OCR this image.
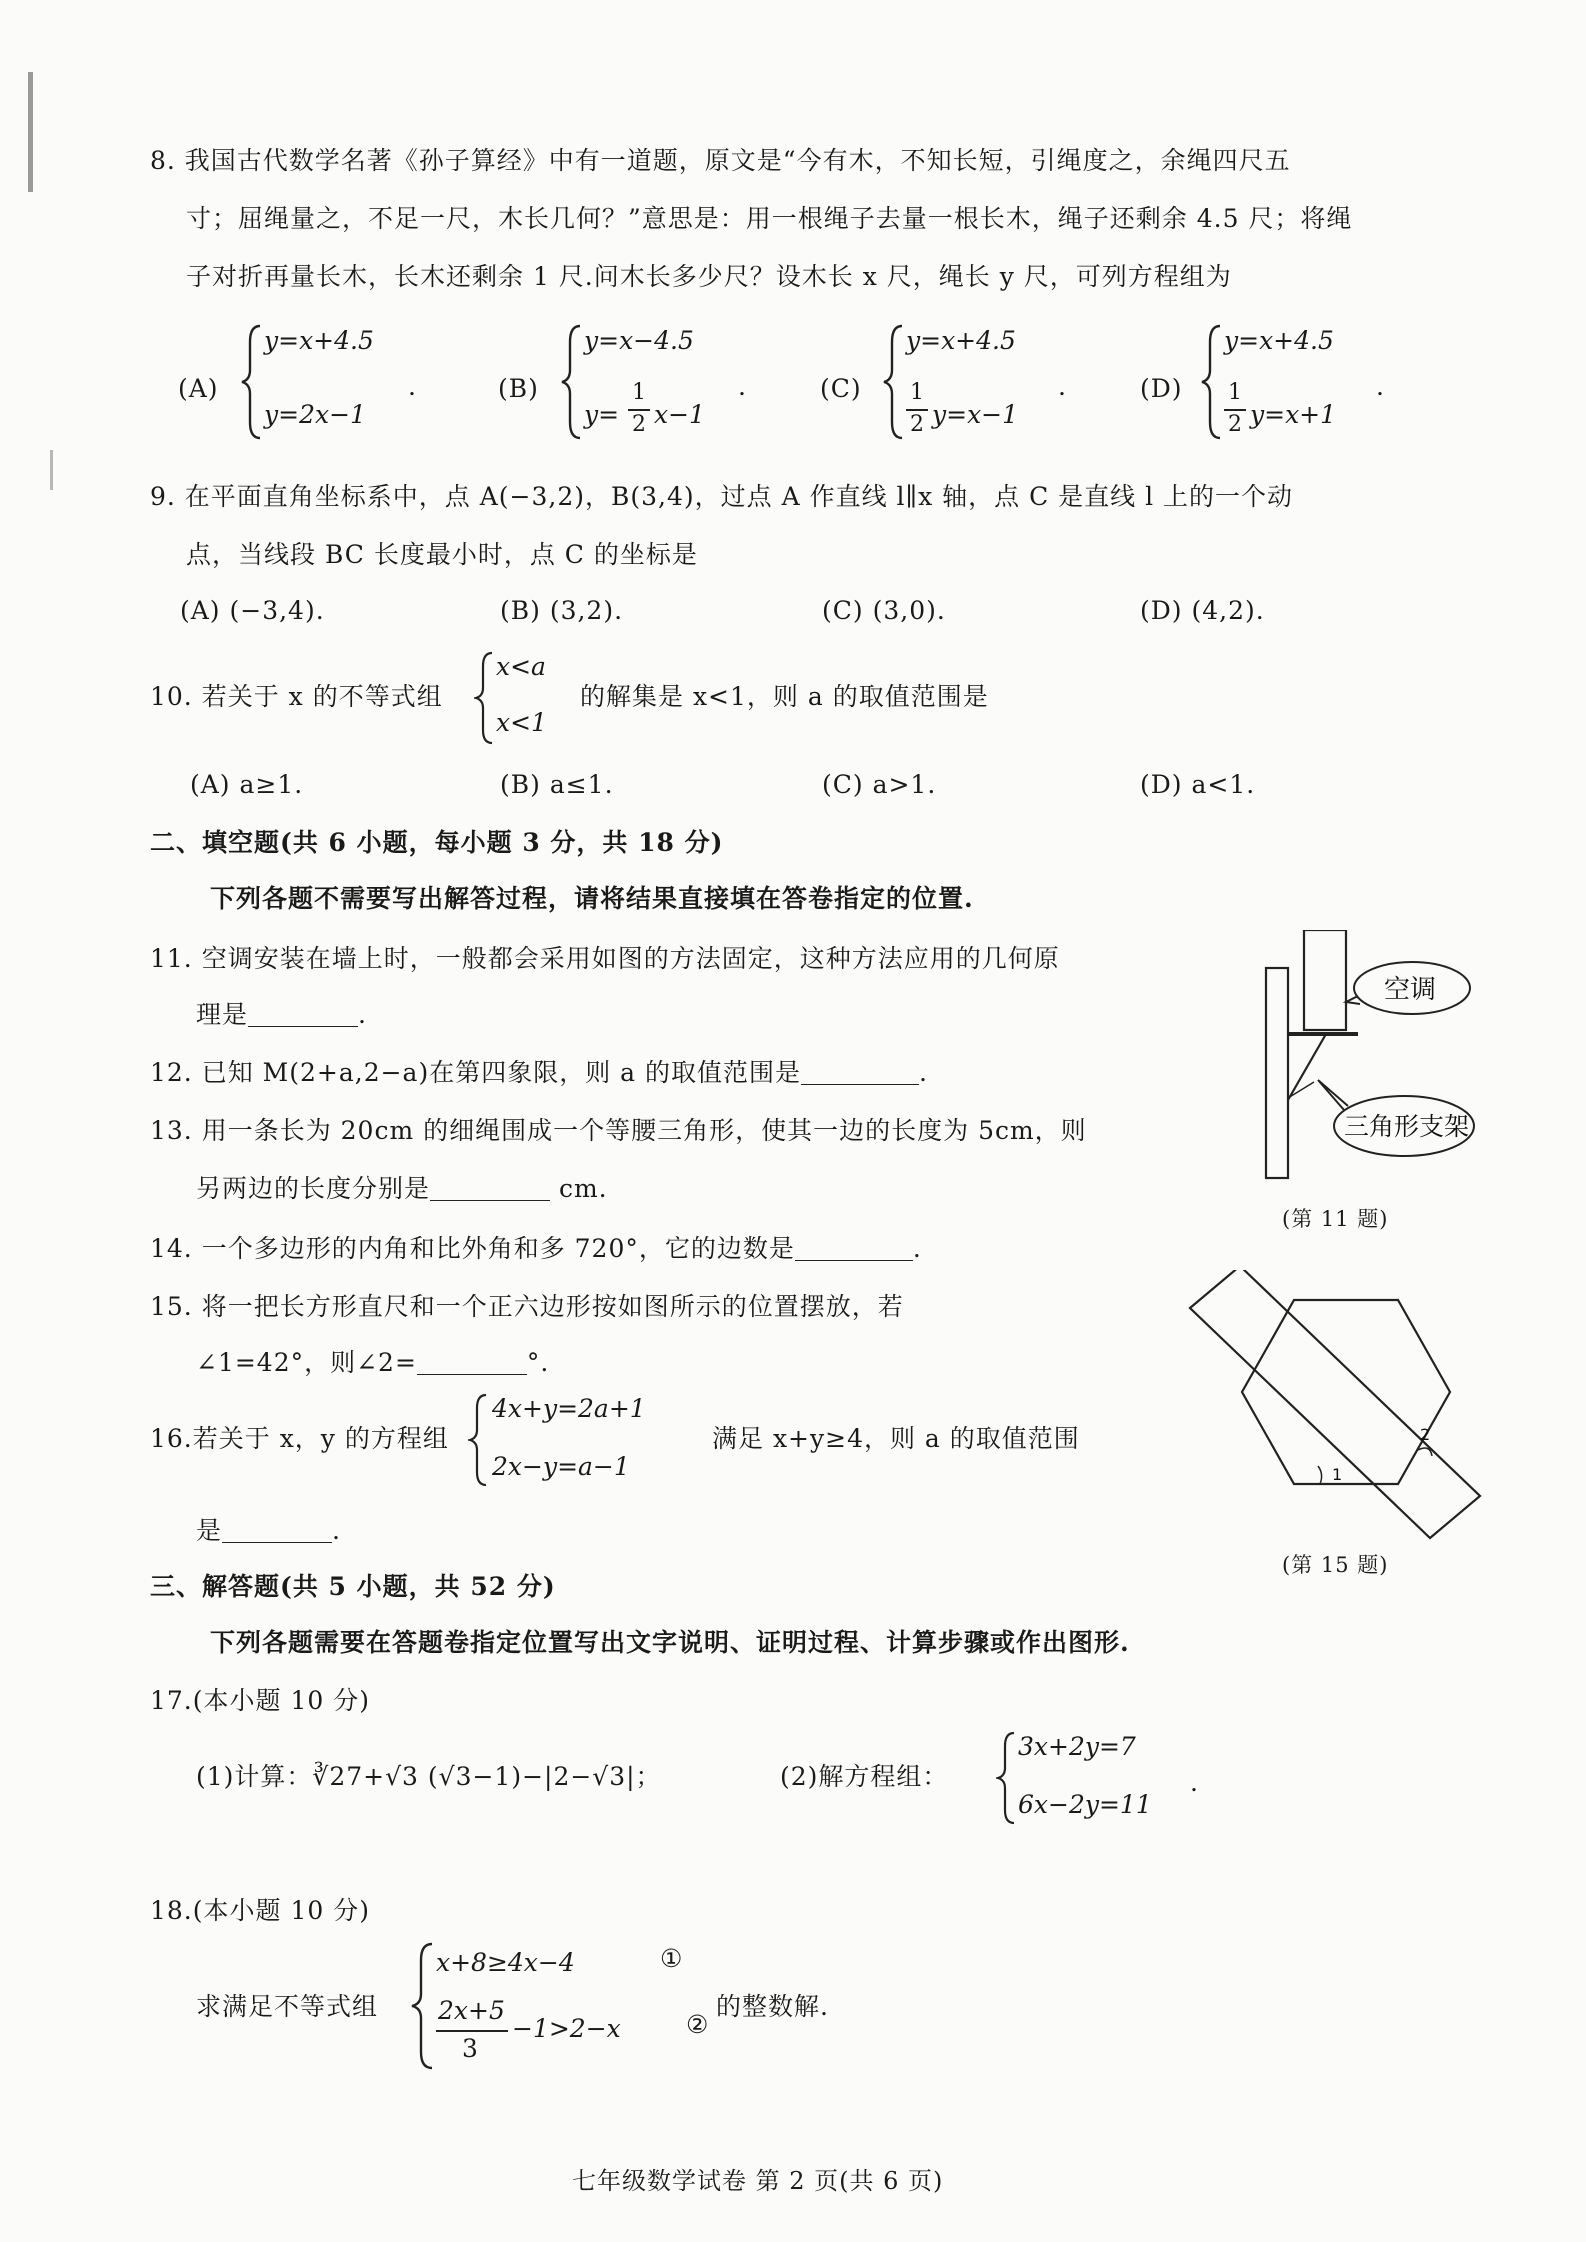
8. 我国古代数学名著《孙子算经》中有一道题，原文是“今有木，不知长短，引绳度之，余绳四尺五
寸；屈绳量之，不足一尺，木长几何？”意思是：用一根绳子去量一根长木，绳子还剩余 4.5 尺；将绳
子对折再量长木，长木还剩余 1 尺.问木长多少尺？设木长 x 尺，绳长 y 尺，可列方程组为
(A)
y=x+4.5
y=2x−1
.	(B)
y=x−4.5
y=
1
2 x−1
.	(C)
y=x+4.5
1
2 y=x−1
.	(D)
y=x+4.5
1
2 y=x+1
.
9. 在平面直角坐标系中，点 A(−3,2)，B(3,4)，过点 A 作直线 l∥x 轴，点 C 是直线 l 上的一个动
点，当线段 BC 长度最小时，点 C 的坐标是
(A) (−3,4).	(B) (3,2).	(C) (3,0).	(D) (4,2).
10. 若关于 x 的不等式组
x<a
x<1
的解集是 x<1，则 a 的取值范围是
(A) a≥1.	(B) a≤1.	(C) a>1.	(D) a<1.
二、填空题(共 6 小题，每小题 3 分，共 18 分)
下列各题不需要写出解答过程，请将结果直接填在答卷指定的位置.
11. 空调安装在墙上时，一般都会采用如图的方法固定，这种方法应用的几何原
理是	.
空调
三角形支架
(第 11 题)
12. 已知 M(2+a,2−a)在第四象限，则 a 的取值范围是	.
13. 用一条长为 20cm 的细绳围成一个等腰三角形，使其一边的长度为 5cm，则
另两边的长度分别是	cm.
14. 一个多边形的内角和比外角和多 720°，它的边数是	.
15. 将一把长方形直尺和一个正六边形按如图所示的位置摆放，若
∠1=42°，则∠2=	°.
1
2
(第 15 题)
16.若关于 x，y 的方程组
4x+y=2a+1
2x−y=a−1
满足 x+y≥4，则 a 的取值范围
是	.
三、解答题(共 5 小题，共 52 分)
下列各题需要在答题卷指定位置写出文字说明、证明过程、计算步骤或作出图形.
17.(本小题 10 分)
(1)计算：∛27+√3 (√3−1)−|2−√3|；	(2)解方程组：
3x+2y=7
6x−2y=11
.
18.(本小题 10 分)
求满足不等式组
x+8≥4x−4	①
2x+5
3
−1>2−x	②
的整数解.
七年级数学试卷 第 2 页(共 6 页)
